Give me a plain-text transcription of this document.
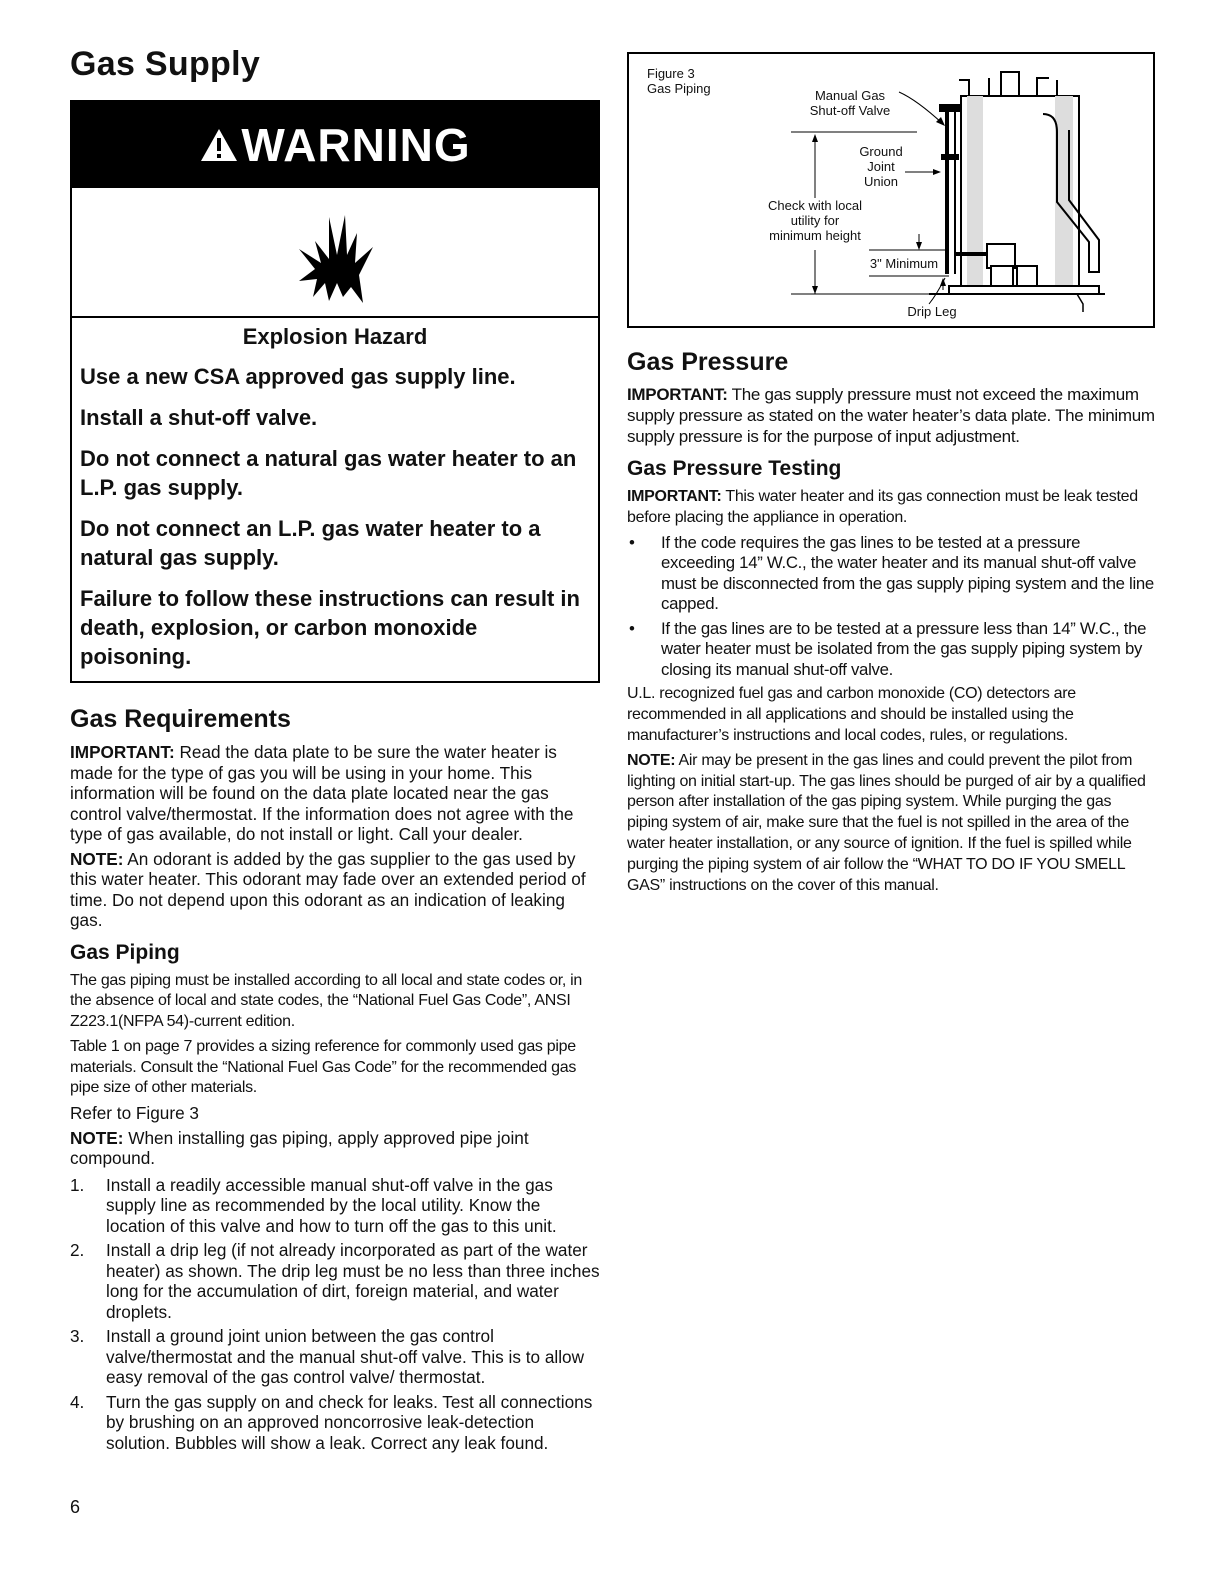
Gas Supply
WARNING
Explosion Hazard

Use a new CSA approved gas supply line.

Install a shut-off valve.

Do not connect a natural gas water heater to an L.P. gas supply.

Do not connect an L.P. gas water heater to a natural gas supply.

Failure to follow these instructions can result in death, explosion, or carbon monoxide poisoning.

Gas Requirements

IMPORTANT: Read the data plate to be sure the water heater is made for the type of gas you will be using in your home. This information will be found on the data plate located near the gas control valve/thermostat. If the information does not agree with the type of gas available, do not install or light. Call your dealer.

NOTE: An odorant is added by the gas supplier to the gas used by this water heater. This odorant may fade over an extended period of time. Do not depend upon this odorant as an indication of leaking gas.

Gas Piping

The gas piping must be installed according to all local and state codes or, in the absence of local and state codes, the “National Fuel Gas Code”, ANSI Z223.1(NFPA 54)-current edition.

Table 1 on page 7 provides a sizing reference for commonly used gas pipe materials. Consult the “National Fuel Gas Code” for the recommended gas pipe size of other materials.

Refer to Figure 3

NOTE: When installing gas piping, apply approved pipe joint compound.

1.	Install a readily accessible manual shut-off valve in the gas supply line as recommended by the local utility. Know the location of this valve and how to turn off the gas to this unit.
2.	Install a drip leg (if not already incorporated as part of the water heater) as shown. The drip leg must be no less than three inches long for the accumulation of dirt, foreign material, and water droplets.
3.	Install a ground joint union between the gas control valve/thermostat and the manual shut-off valve. This is to allow easy removal of the gas control valve/ thermostat.
4.	Turn the gas supply on and check for leaks. Test all connections by brushing on an approved noncorrosive leak-detection solution. Bubbles will show a leak. Correct any leak found.
6
Figure 3
Gas Piping	Manual Gas
Shut-off Valve
Ground
Joint
Union
Check with local
utility for
minimum height
3" Minimum
Drip Leg
Gas Pressure

IMPORTANT: The gas supply pressure must not exceed the maximum supply pressure as stated on the water heater’s data plate. The minimum supply pressure is for the purpose of input adjustment.

Gas Pressure Testing

IMPORTANT: This water heater and its gas connection must be leak tested before placing the appliance in operation.

•	If the code requires the gas lines to be tested at a pressure exceeding 14” W.C., the water heater and its manual shut-off valve must be disconnected from the gas supply piping system and the line capped.
•	If the gas lines are to be tested at a pressure less than 14” W.C., the water heater must be isolated from the gas supply piping system by closing its manual shut-off valve.

U.L. recognized fuel gas and carbon monoxide (CO) detectors are recommended in all applications and should be installed using the manufacturer’s instructions and local codes, rules, or regulations.

NOTE: Air may be present in the gas lines and could prevent the pilot from lighting on initial start-up. The gas lines should be purged of air by a qualified person after installation of the gas piping system. While purging the gas piping system of air, make sure that the fuel is not spilled in the area of the water heater installation, or any source of ignition. If the fuel is spilled while purging the piping system of air follow the “WHAT TO DO IF YOU SMELL GAS” instructions on the cover of this manual.
